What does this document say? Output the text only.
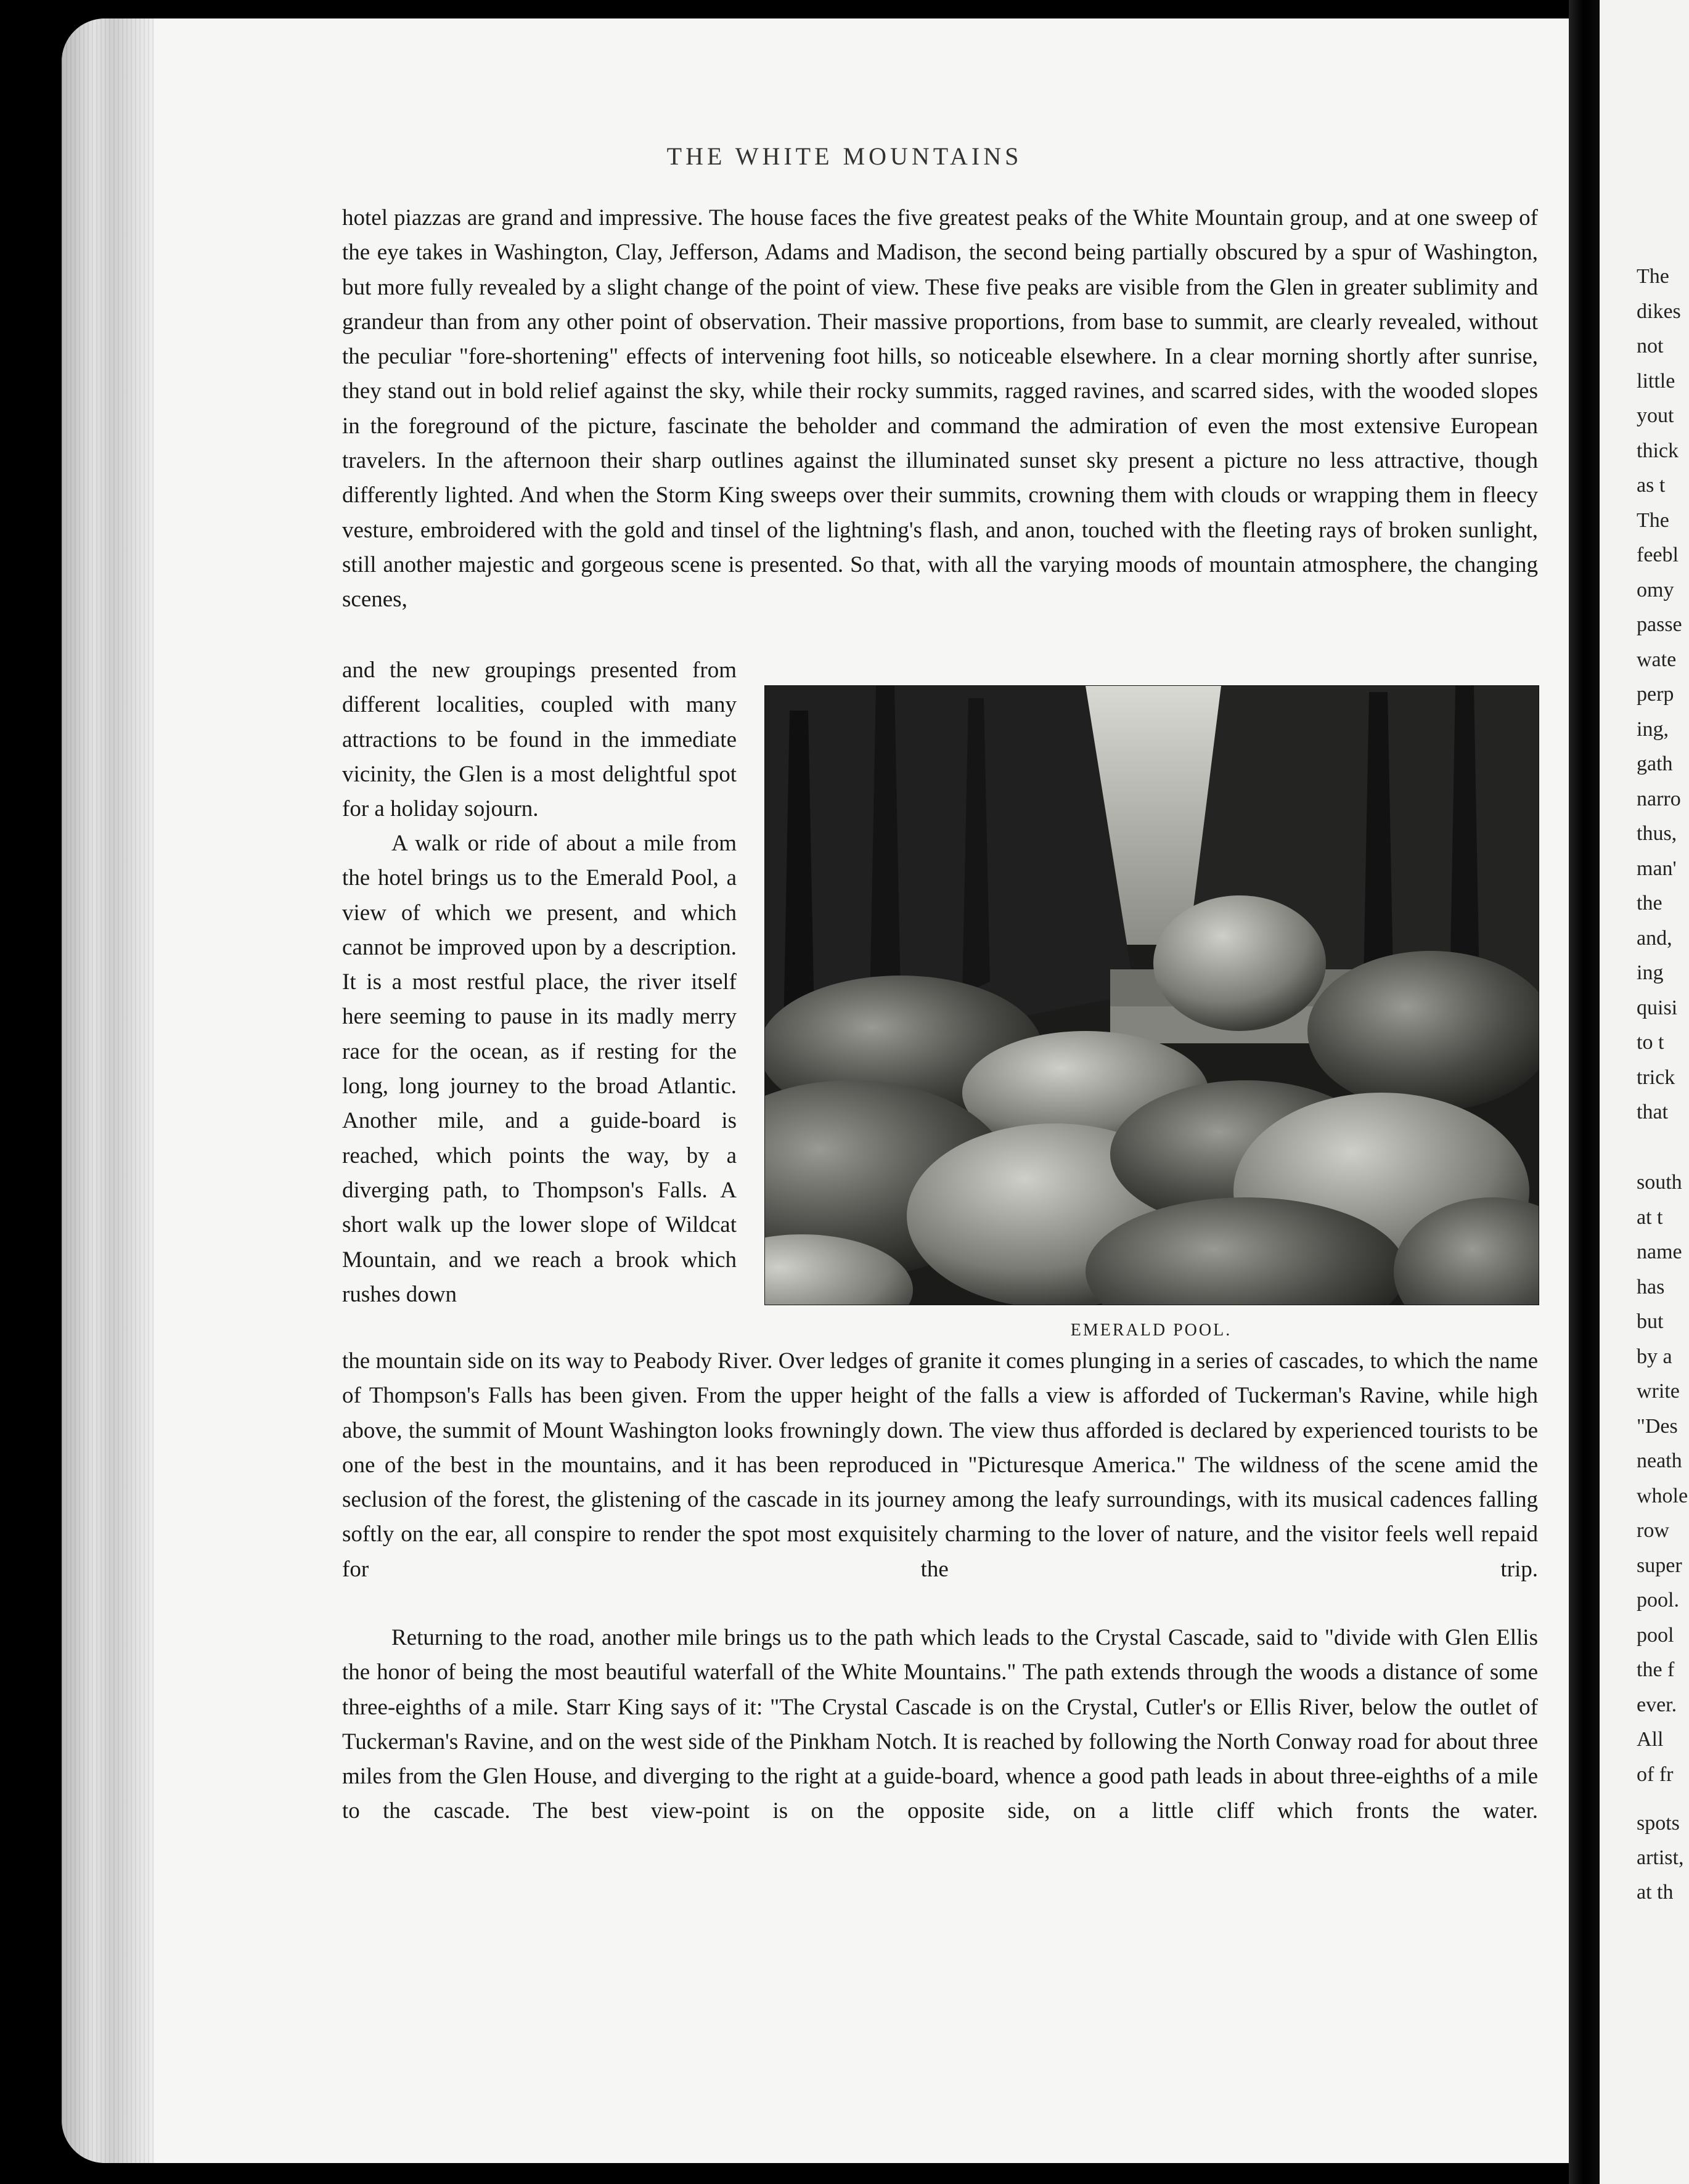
THE WHITE MOUNTAINS

hotel piazzas are grand and impressive. The house faces the five greatest peaks of the White Mountain group, and at one sweep of the eye takes in Washington, Clay, Jefferson, Adams and Madison, the second being partially obscured by a spur of Washington, but more fully revealed by a slight change of the point of view. These five peaks are visible from the Glen in greater sublimity and grandeur than from any other point of observation. Their massive proportions, from base to summit, are clearly revealed, without the peculiar "fore-shortening" effects of intervening foot hills, so noticeable elsewhere. In a clear morning shortly after sunrise, they stand out in bold relief against the sky, while their rocky summits, ragged ravines, and scarred sides, with the wooded slopes in the foreground of the picture, fascinate the beholder and command the admiration of even the most extensive European travelers. In the afternoon their sharp outlines against the illuminated sunset sky present a picture no less attractive, though differently lighted. And when the Storm King sweeps over their summits, crowning them with clouds or wrapping them in fleecy vesture, embroidered with the gold and tinsel of the lightning's flash, and anon, touched with the fleeting rays of broken sunlight, still another majestic and gorgeous scene is presented. So that, with all the varying moods of mountain atmosphere, the changing scenes,

and the new groupings presented from different localities, coupled with many attractions to be found in the immediate vicinity, the Glen is a most delightful spot for a holiday sojourn.

A walk or ride of about a mile from the hotel brings us to the Emerald Pool, a view of which we present, and which cannot be improved upon by a description. It is a most restful place, the river itself here seeming to pause in its madly merry race for the ocean, as if resting for the long, long journey to the broad Atlantic. Another mile, and a guide-board is reached, which points the way, by a diverging path, to Thompson's Falls. A short walk up the lower slope of Wildcat Mountain, and we reach a brook which rushes down

EMERALD POOL.

the mountain side on its way to Peabody River. Over ledges of granite it comes plunging in a series of cascades, to which the name of Thompson's Falls has been given. From the upper height of the falls a view is afforded of Tuckerman's Ravine, while high above, the summit of Mount Washington looks frowningly down. The view thus afforded is declared by experienced tourists to be one of the best in the mountains, and it has been reproduced in "Picturesque America." The wildness of the scene amid the seclusion of the forest, the glistening of the cascade in its journey among the leafy surroundings, with its musical cadences falling softly on the ear, all conspire to render the spot most exquisitely charming to the lover of nature, and the visitor feels well repaid for the trip.

Returning to the road, another mile brings us to the path which leads to the Crystal Cascade, said to "divide with Glen Ellis the honor of being the most beautiful waterfall of the White Mountains." The path extends through the woods a distance of some three-eighths of a mile. Starr King says of it: "The Crystal Cascade is on the Crystal, Cutler's or Ellis River, below the outlet of Tuckerman's Ravine, and on the west side of the Pinkham Notch. It is reached by following the North Conway road for about three miles from the Glen House, and diverging to the right at a guide-board, whence a good path leads in about three-eighths of a mile to the cascade. The best view-point is on the opposite side, on a little cliff which fronts the water.

The
dikes
not
little
yout
thick
as t
The
feebl
omy
passe
wate
perp
ing,
gath
narro
thus,
man'
the
and,
ing
quisi
to t
trick
that
south
at t
name
has
but
by a
write
"Des
neath
whole
row
super
pool.
pool
the f
ever.
All
of fr
spots
artist,
at th
